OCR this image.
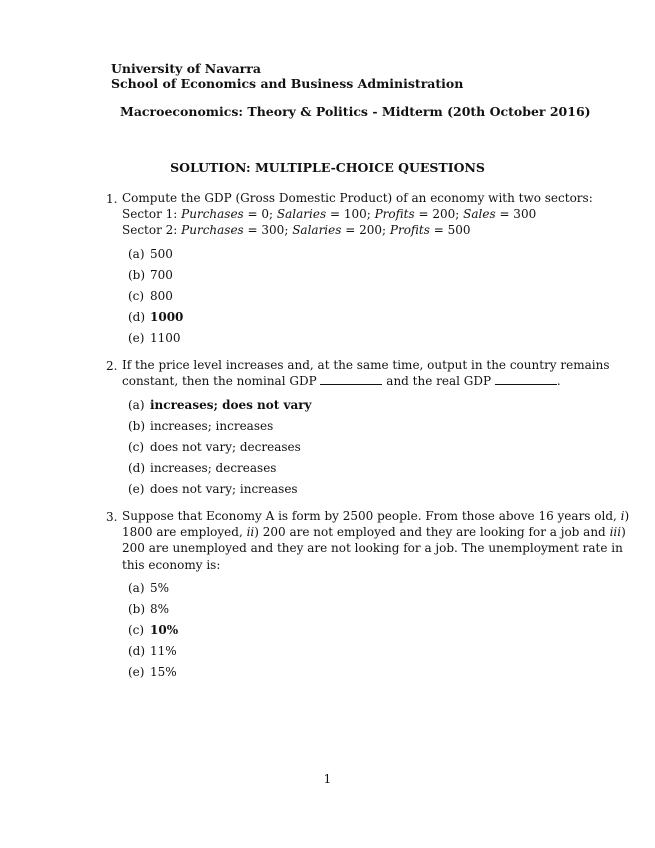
University of Navarra
School of Economics and Business Administration
Macroeconomics: Theory & Politics - Midterm (20th October 2016)
SOLUTION: MULTIPLE-CHOICE QUESTIONS
1. Compute the GDP (Gross Domestic Product) of an economy with two sectors:
Sector 1: Purchases = 0; Salaries = 100; Profits = 200; Sales = 300
Sector 2: Purchases = 300; Salaries = 200; Profits = 500
(a) 500
(b) 700
(c) 800
(d) 1000
(e) 1100
2. If the price level increases and, at the same time, output in the country remains
constant, then the nominal GDP	and the real GDP	.
(a) increases; does not vary
(b) increases; increases
(c) does not vary; decreases
(d) increases; decreases
(e) does not vary; increases
3. Suppose that Economy A is form by 2500 people. From those above 16 years old, i)
1800 are employed, ii) 200 are not employed and they are looking for a job and iii)
200 are unemployed and they are not looking for a job. The unemployment rate in
this economy is:
(a) 5%
(b) 8%
(c) 10%
(d) 11%
(e) 15%
1
